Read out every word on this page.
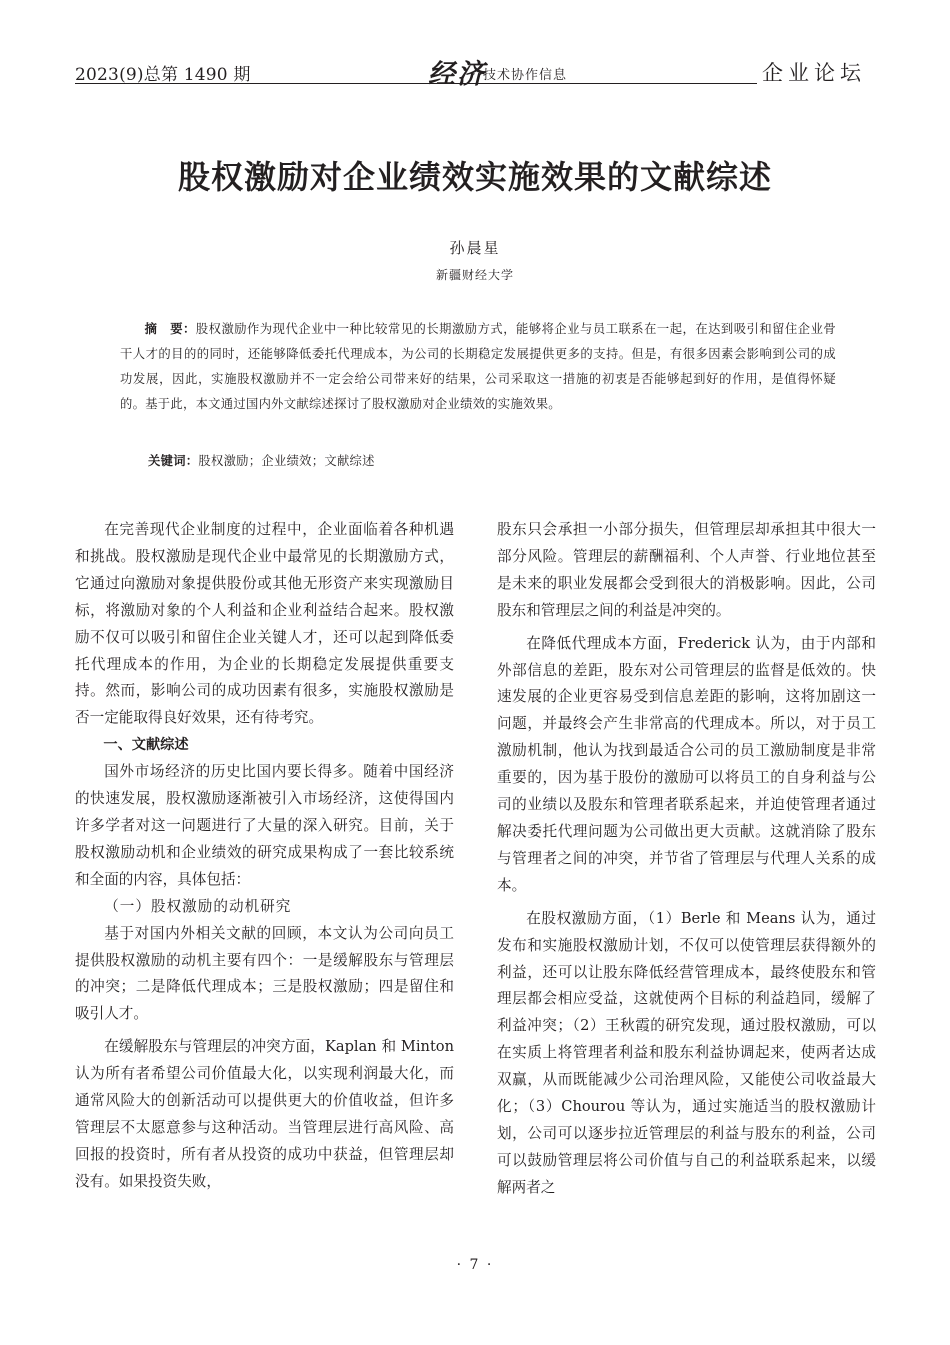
2023(9)总第 1490 期	经济
技术协作信息	企业论坛
股权激励对企业绩效实施效果的文献综述
孙晨星
新疆财经大学
摘　要：股权激励作为现代企业中一种比较常见的长期激励方式，能够将企业与员工联系在一起，在达到吸引和留住企业骨干人才的目的的同时，还能够降低委托代理成本，为公司的长期稳定发展提供更多的支持。但是，有很多因素会影响到公司的成功发展，因此，实施股权激励并不一定会给公司带来好的结果，公司采取这一措施的初衷是否能够起到好的作用，是值得怀疑的。基于此，本文通过国内外文献综述探讨了股权激励对企业绩效的实施效果。
关键词：股权激励；企业绩效；文献综述

在完善现代企业制度的过程中，企业面临着各种机遇和挑战。股权激励是现代企业中最常见的长期激励方式，它通过向激励对象提供股份或其他无形资产来实现激励目标，将激励对象的个人利益和企业利益结合起来。股权激励不仅可以吸引和留住企业关键人才，还可以起到降低委托代理成本的作用，为企业的长期稳定发展提供重要支持。然而，影响公司的成功因素有很多，实施股权激励是否一定能取得良好效果，还有待考究。

一、文献综述

国外市场经济的历史比国内要长得多。随着中国经济的快速发展，股权激励逐渐被引入市场经济，这使得国内许多学者对这一问题进行了大量的深入研究。目前，关于股权激励动机和企业绩效的研究成果构成了一套比较系统和全面的内容，具体包括：

（一）股权激励的动机研究

基于对国内外相关文献的回顾，本文认为公司向员工提供股权激励的动机主要有四个：一是缓解股东与管理层的冲突；二是降低代理成本；三是股权激励；四是留住和吸引人才。

在缓解股东与管理层的冲突方面，Kaplan 和 Minton 认为所有者希望公司价值最大化，以实现利润最大化，而通常风险大的创新活动可以提供更大的价值收益，但许多管理层不太愿意参与这种活动。当管理层进行高风险、高回报的投资时，所有者从投资的成功中获益，但管理层却没有。如果投资失败，

股东只会承担一小部分损失，但管理层却承担其中很大一部分风险。管理层的薪酬福利、个人声誉、行业地位甚至是未来的职业发展都会受到很大的消极影响。因此，公司股东和管理层之间的利益是冲突的。

在降低代理成本方面，Frederick 认为，由于内部和外部信息的差距，股东对公司管理层的监督是低效的。快速发展的企业更容易受到信息差距的影响，这将加剧这一问题，并最终会产生非常高的代理成本。所以，对于员工激励机制，他认为找到最适合公司的员工激励制度是非常重要的，因为基于股份的激励可以将员工的自身利益与公司的业绩以及股东和管理者联系起来，并迫使管理者通过解决委托代理问题为公司做出更大贡献。这就消除了股东与管理者之间的冲突，并节省了管理层与代理人关系的成本。

在股权激励方面，（1）Berle 和 Means 认为，通过发布和实施股权激励计划，不仅可以使管理层获得额外的利益，还可以让股东降低经营管理成本，最终使股东和管理层都会相应受益，这就使两个目标的利益趋同，缓解了利益冲突；（2）王秋霞的研究发现，通过股权激励，可以在实质上将管理者利益和股东利益协调起来，使两者达成双赢，从而既能减少公司治理风险，又能使公司收益最大化；（3）Chourou 等认为，通过实施适当的股权激励计划，公司可以逐步拉近管理层的利益与股东的利益，公司可以鼓励管理层将公司价值与自己的利益联系起来，以缓解两者之

· 7 ·
